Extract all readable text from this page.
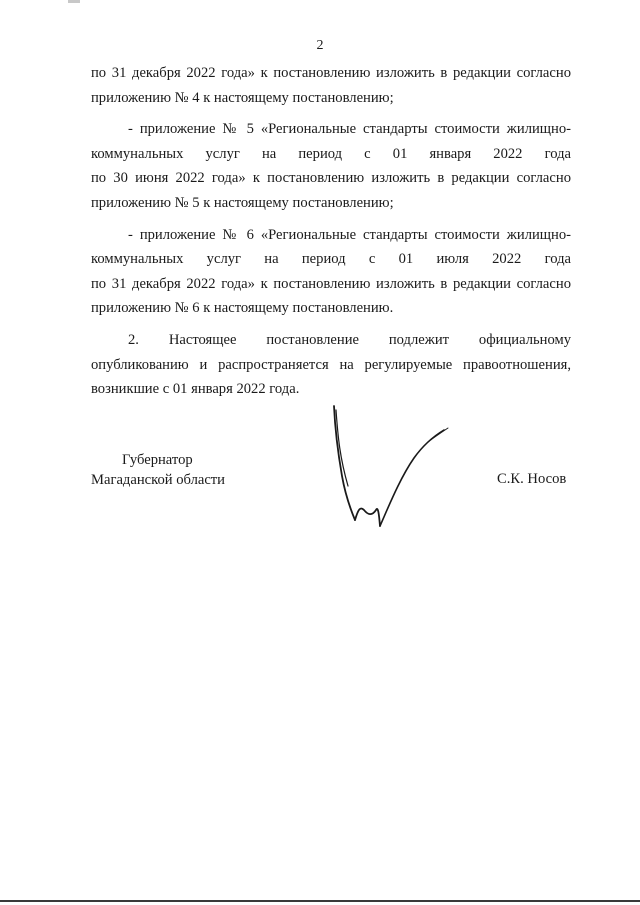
2
по 31 декабря 2022 года» к постановлению изложить в редакции согласно
приложению № 4 к настоящему постановлению;
- приложение № 5 «Региональные стандарты стоимости жилищно-
коммунальных услуг на период с 01 января 2022 года
по 30 июня 2022 года» к постановлению изложить в редакции согласно
приложению № 5 к настоящему постановлению;
- приложение № 6 «Региональные стандарты стоимости жилищно-
коммунальных услуг на период с 01 июля 2022 года
по 31 декабря 2022 года» к постановлению изложить в редакции согласно
приложению № 6 к настоящему постановлению.
2. Настоящее постановление подлежит официальному
опубликованию и распространяется на регулируемые правоотношения,
возникшие с 01 января 2022 года.
Губернатор
Магаданской области	С.К. Носов
